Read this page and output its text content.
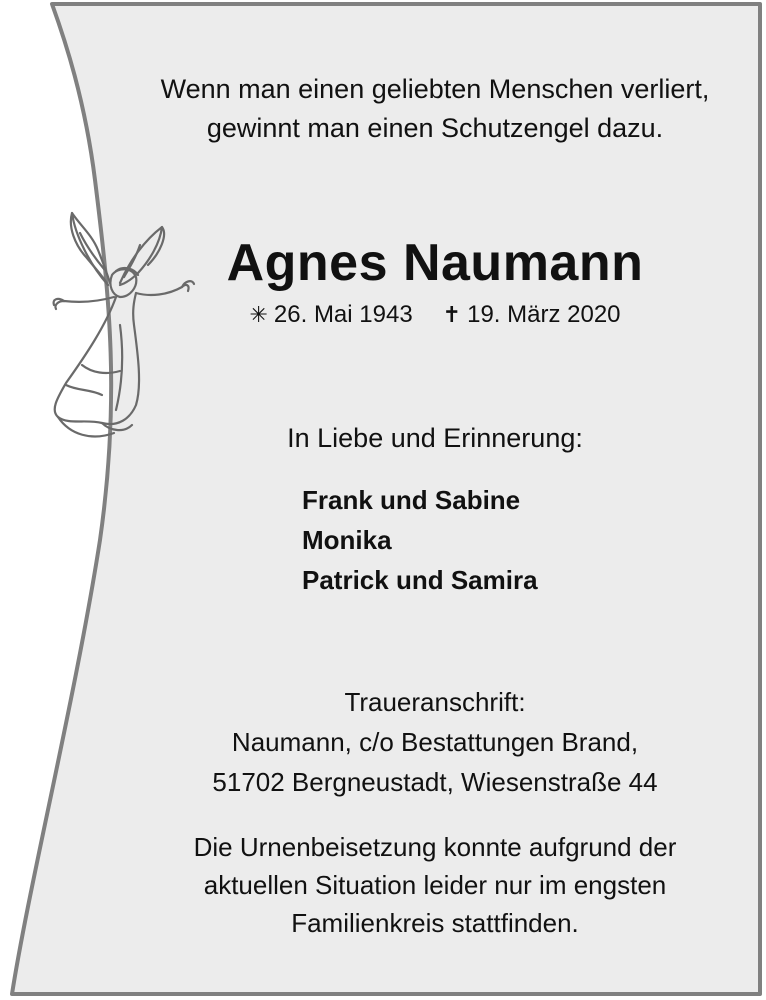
Wenn man einen geliebten Menschen verliert,
gewinnt man einen Schutzengel dazu.
Agnes Naumann
✳ 26. Mai 1943 ✝ 19. März 2020
In Liebe und Erinnerung:
Frank und Sabine
Monika
Patrick und Samira
Traueranschrift:
Naumann, c/o Bestattungen Brand,
51702 Bergneustadt, Wiesenstraße 44
Die Urnenbeisetzung konnte aufgrund der
aktuellen Situation leider nur im engsten
Familienkreis stattfinden.
